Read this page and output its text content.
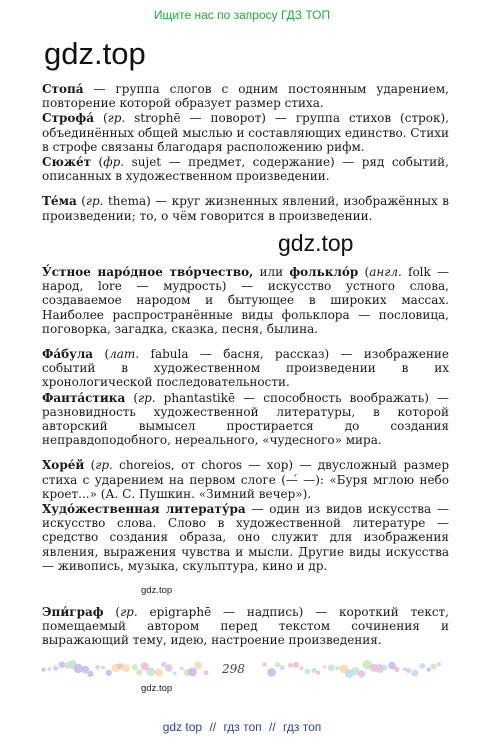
Ищите нас по запросу ГДЗ ТОП
gdz.top
gdz.top

Стопа́ — группа слогов с одним постоянным ударением, повторение которой образует размер стиха.

Строфа́ (гр. strophē — поворот) — группа стихов (строк), объединённых общей мыслью и составляющих единство. Стихи в строфе связаны благодаря расположению рифм.

Сюже́т (фр. sujet — предмет, содержание) — ряд событий, описанных в художественном произведении.

Те́ма (гр. thema) — круг жизненных явлений, изображённых в произведении; то, о чём говорится в произведении.

У́стное наро́дное тво́рчество, или фолькло́р (англ. folk — народ, lore — мудрость) — искусство устного слова, создаваемое народом и бытующее в широких массах. Наиболее распространённые виды фольклора — пословица, поговорка, загадка, сказка, песня, былина.

Фа́була (лат. fabula — басня, рассказ) — изображение событий в художественном произведении в их хронологической последовательности.

Фанта́стика (гр. phantastikē — способность воображать) — разновидность художественной литературы, в которой авторский вымысел простирается до создания неправдоподобного, нереального, «чудесного» мира.

Хоре́й (гр. choreios, от choros — хор) — двусложный размер стиха с ударением на первом слоге (—́ —): «Буря мглою небо кроет...» (А. С. Пушкин. «Зимний вечер»).

Худо́жественная литерату́ра — один из видов искусства — искусство слова. Слово в художественной литературе — средство создания образа, оно служит для изображения явления, выражения чувства и мысли. Другие виды искусства — живопись, музыка, скульптура, кино и др.

gdz.top

Эпи́граф (гр. epigraphē — надпись) — короткий текст, помещаемый автором перед текстом сочинения и выражающий тему, идею, настроение произведения.

298
gdz.top
gdz top // гдз топ // гдз топ
